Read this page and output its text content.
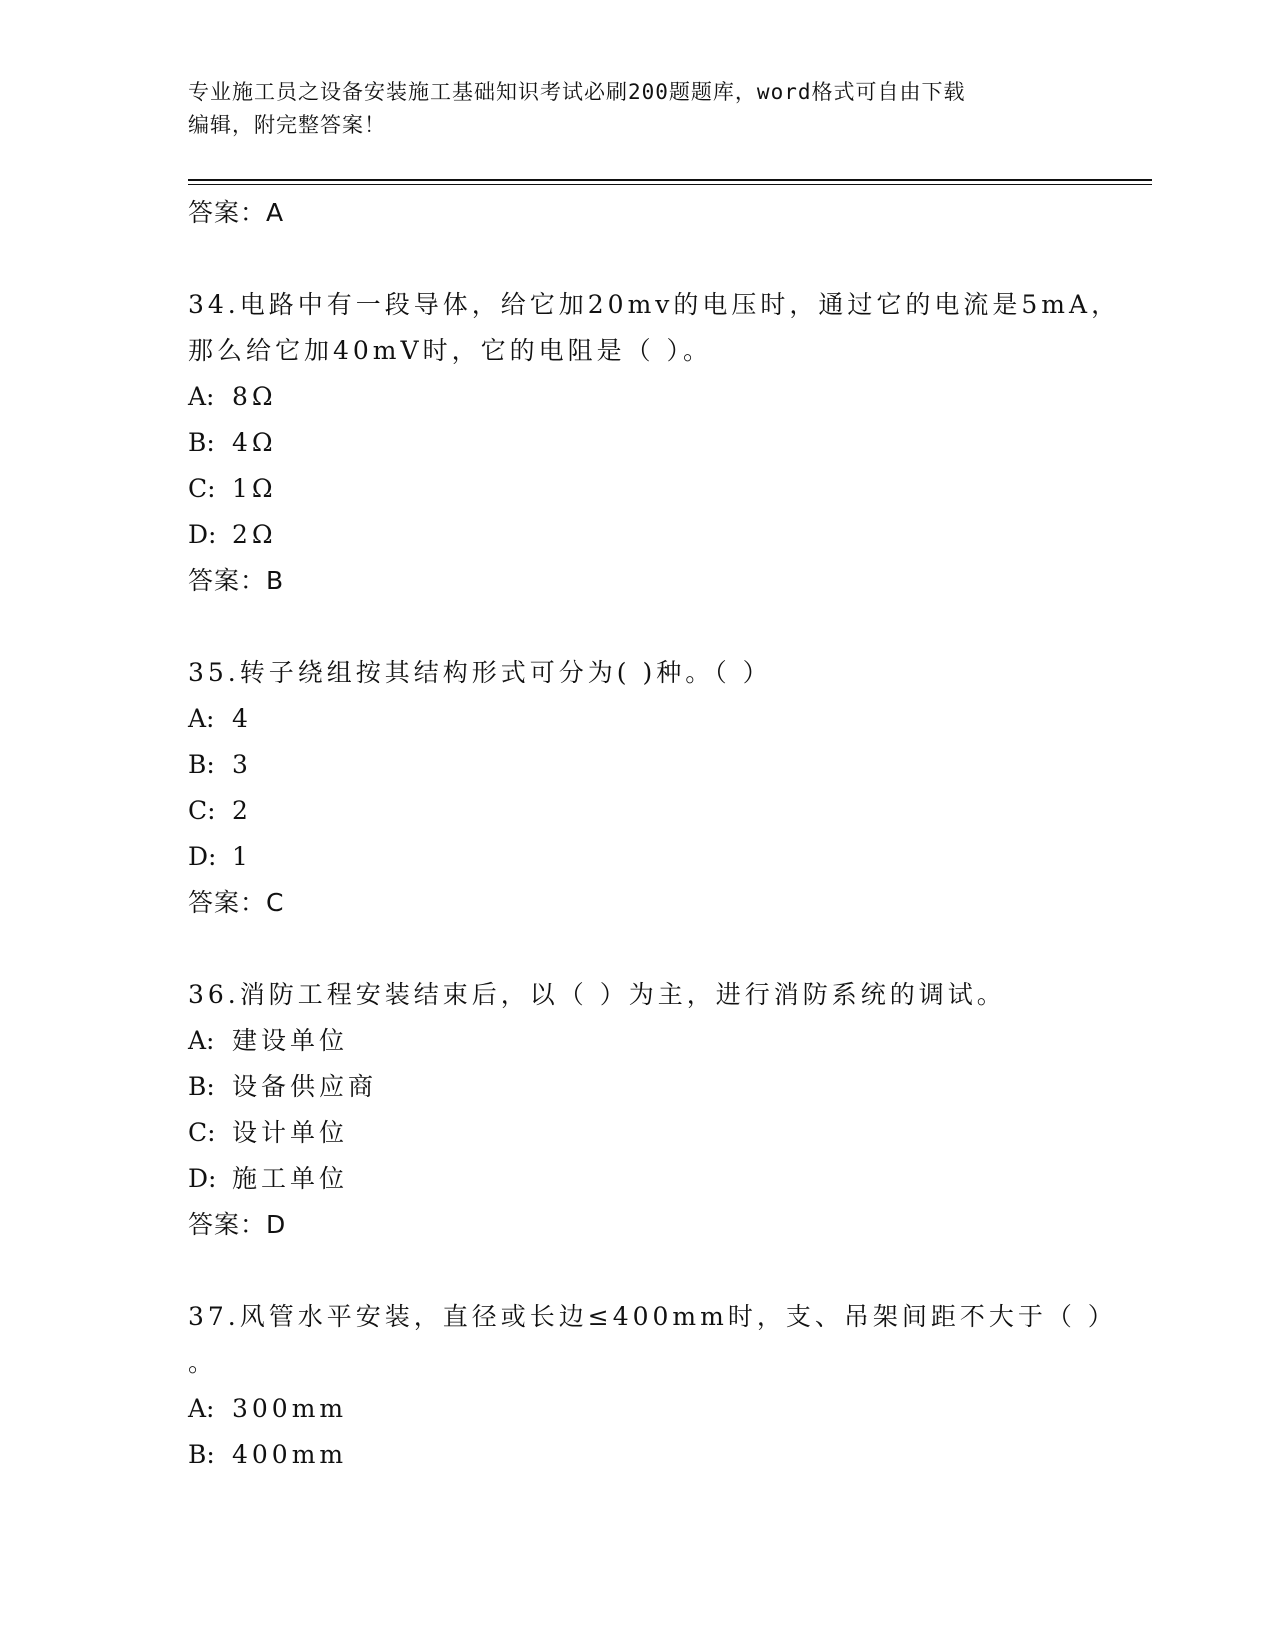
专业施工员之设备安装施工基础知识考试必刷200题题库，word格式可自由下载
编辑，附完整答案！
答案：A
34.电路中有一段导体，给它加20mv的电压时，通过它的电流是5mA，
那么给它加40mV时，它的电阻是（ ）。
A: 8Ω
B: 4Ω
C: 1Ω
D: 2Ω
答案：B
35.转子绕组按其结构形式可分为( )种。（ ）
A: 4
B: 3
C: 2
D: 1
答案：C
36.消防工程安装结束后，以（ ）为主，进行消防系统的调试。
A: 建设单位
B: 设备供应商
C: 设计单位
D: 施工单位
答案：D
37.风管水平安装，直径或长边≤400mm时，支、吊架间距不大于（ ）
。
A: 300mm
B: 400mm
